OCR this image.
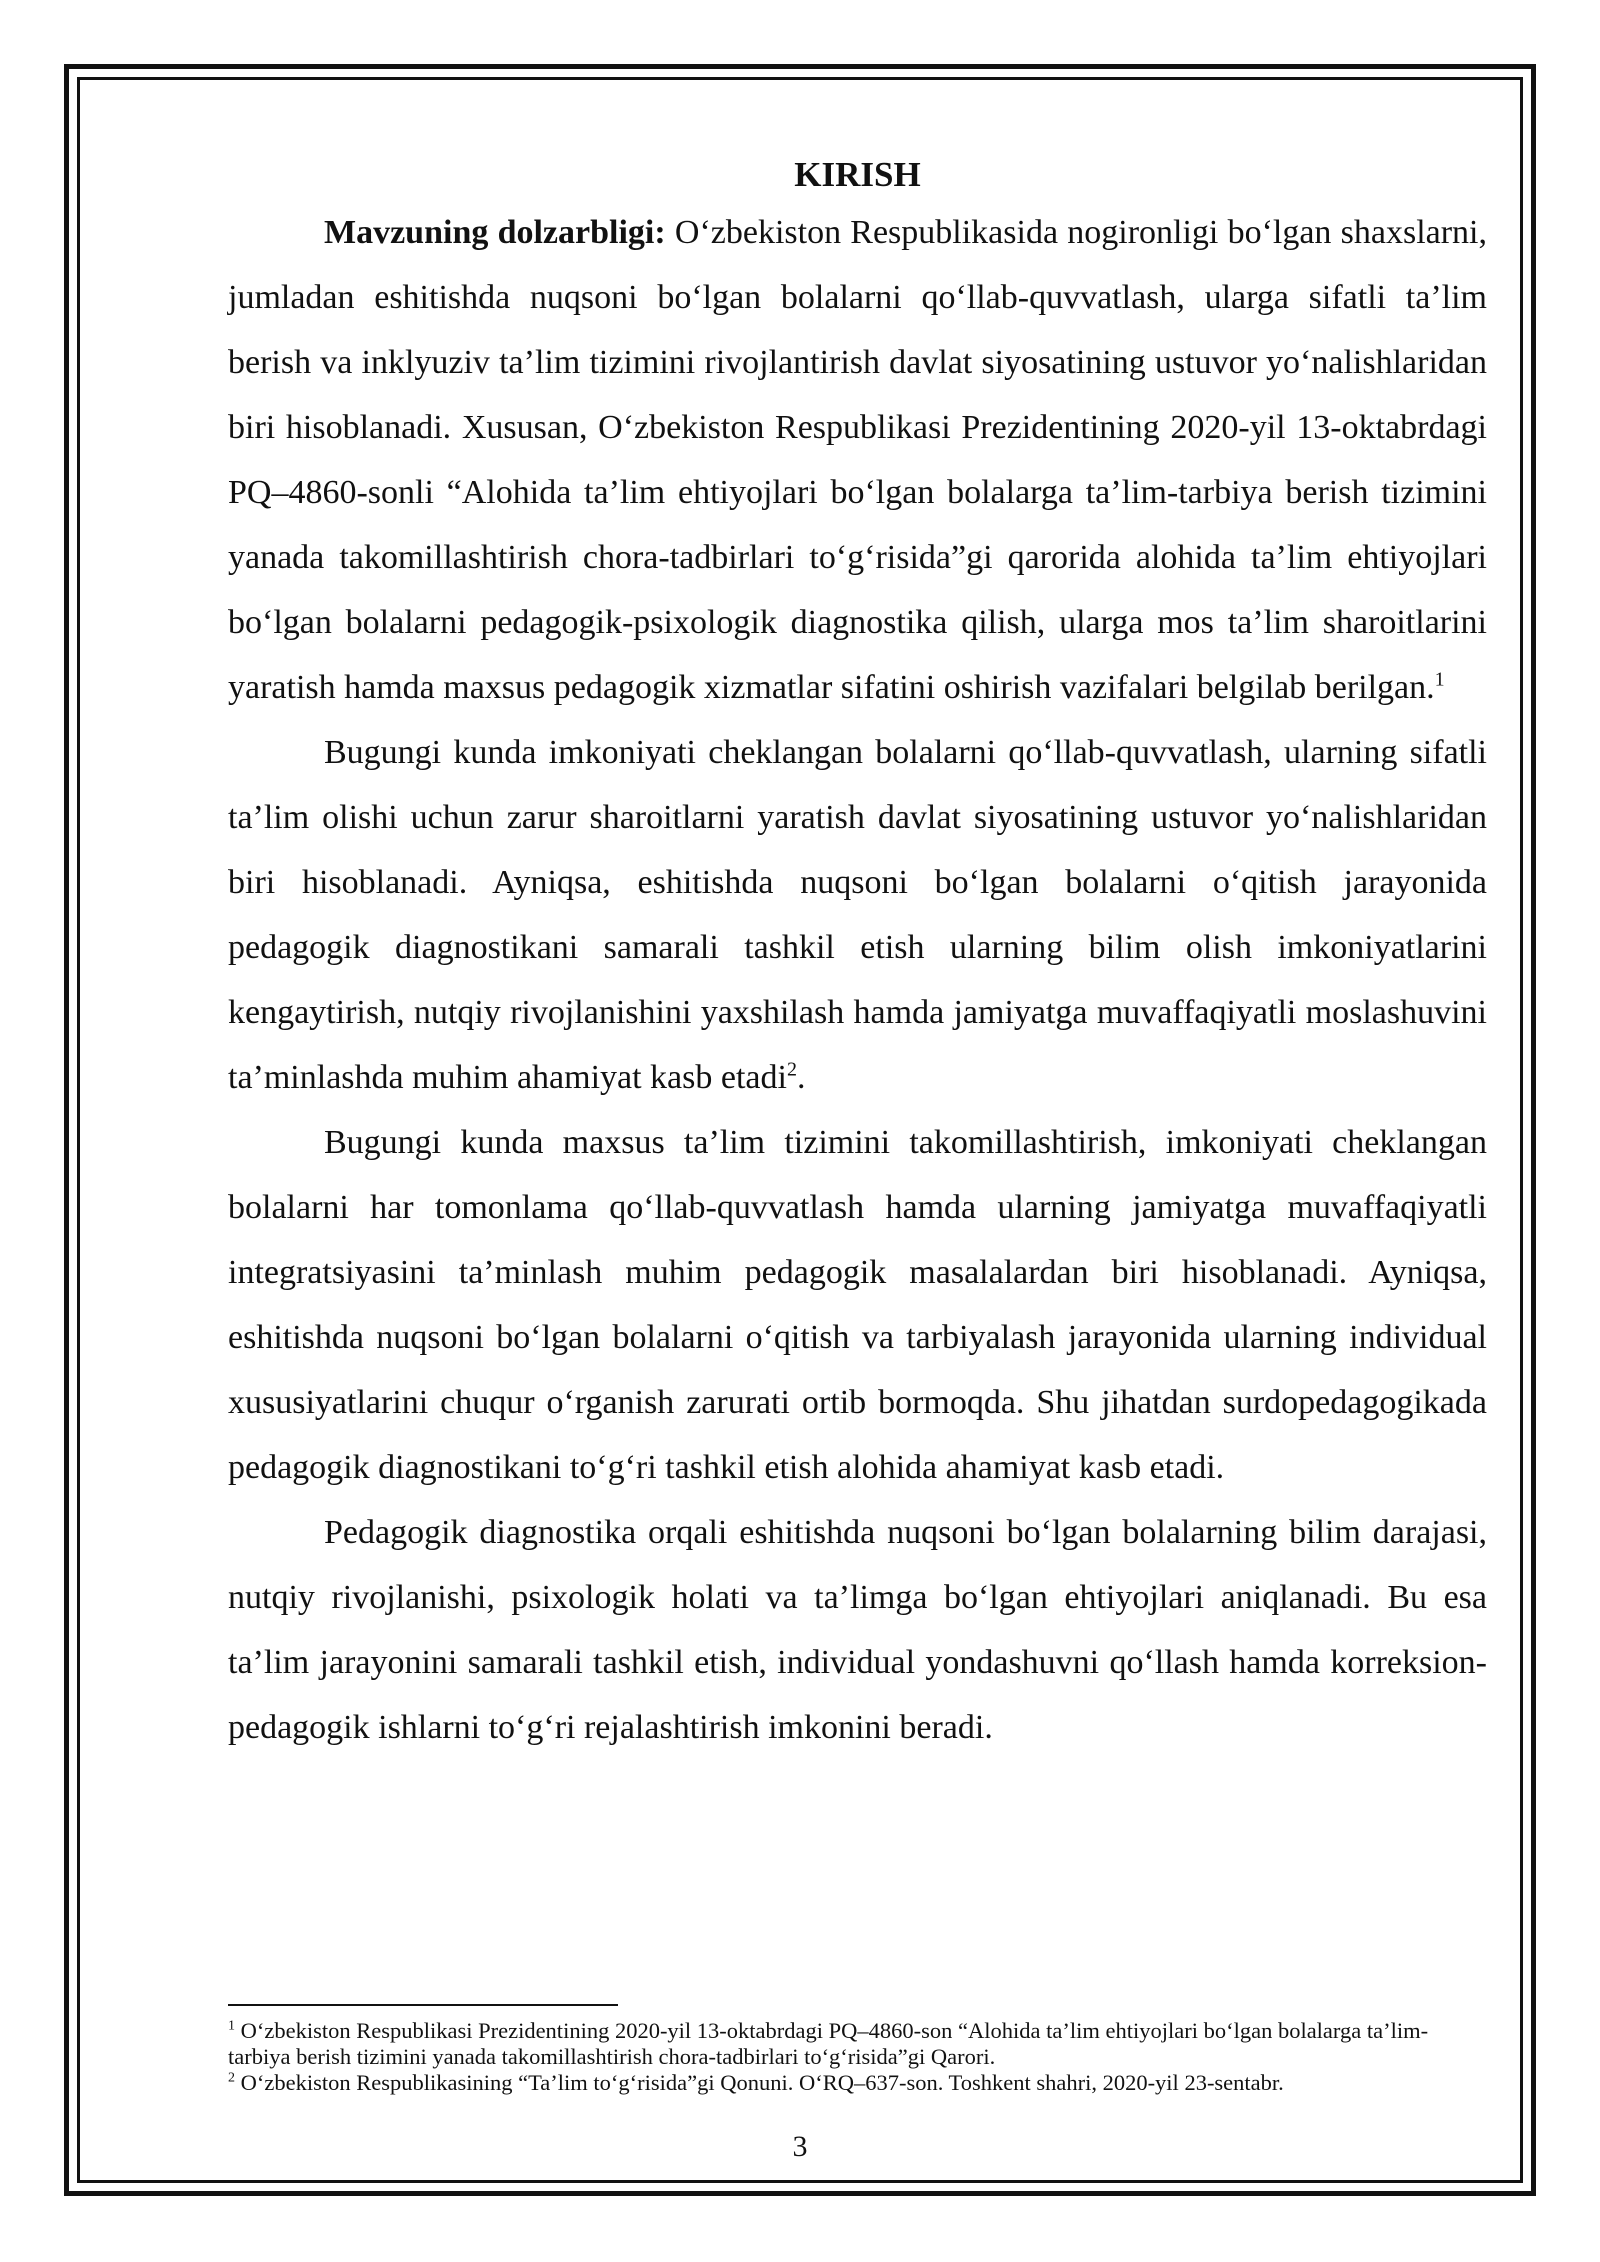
KIRISH

Mavzuning dolzarbligi: O‘zbekiston Respublikasida nogironligi bo‘lgan shaxslarni, jumladan eshitishda nuqsoni bo‘lgan bolalarni qo‘llab-quvvatlash, ularga sifatli ta’lim berish va inklyuziv ta’lim tizimini rivojlantirish davlat siyosatining ustuvor yo‘nalishlaridan biri hisoblanadi. Xususan, O‘zbekiston Respublikasi Prezidentining 2020-yil 13-oktabrdagi PQ–4860-sonli “Alohida ta’lim ehtiyojlari bo‘lgan bolalarga ta’lim-tarbiya berish tizimini yanada takomillashtirish chora-tadbirlari to‘g‘risida”gi qarorida alohida ta’lim ehtiyojlari bo‘lgan bolalarni pedagogik-psixologik diagnostika qilish, ularga mos ta’lim sharoitlarini yaratish hamda maxsus pedagogik xizmatlar sifatini oshirish vazifalari belgilab berilgan.$^1$

Bugungi kunda imkoniyati cheklangan bolalarni qo‘llab-quvvatlash, ularning sifatli ta’lim olishi uchun zarur sharoitlarni yaratish davlat siyosatining ustuvor yo‘nalishlaridan biri hisoblanadi. Ayniqsa, eshitishda nuqsoni bo‘lgan bolalarni o‘qitish jarayonida pedagogik diagnostikani samarali tashkil etish ularning bilim olish imkoniyatlarini kengaytirish, nutqiy rivojlanishini yaxshilash hamda jamiyatga muvaffaqiyatli moslashuvini ta’minlashda muhim ahamiyat kasb etadi$^2$.

Bugungi kunda maxsus ta’lim tizimini takomillashtirish, imkoniyati cheklangan bolalarni har tomonlama qo‘llab-quvvatlash hamda ularning jamiyatga muvaffaqiyatli integratsiyasini ta’minlash muhim pedagogik masalalardan biri hisoblanadi. Ayniqsa, eshitishda nuqsoni bo‘lgan bolalarni o‘qitish va tarbiyalash jarayonida ularning individual xususiyatlarini chuqur o‘rganish zarurati ortib bormoqda. Shu jihatdan surdopedagogikada pedagogik diagnostikani to‘g‘ri tashkil etish alohida ahamiyat kasb etadi.

Pedagogik diagnostika orqali eshitishda nuqsoni bo‘lgan bolalarning bilim darajasi, nutqiy rivojlanishi, psixologik holati va ta’limga bo‘lgan ehtiyojlari aniqlanadi. Bu esa ta’lim jarayonini samarali tashkil etish, individual yondashuvni qo‘llash hamda korreksion-pedagogik ishlarni to‘g‘ri rejalashtirish imkonini beradi.

$^1$ O‘zbekiston Respublikasi Prezidentining 2020-yil 13-oktabrdagi PQ–4860-son “Alohida ta’lim ehtiyojlari bo‘lgan bolalarga ta’lim-tarbiya berish tizimini yanada takomillashtirish chora-tadbirlari to‘g‘risida”gi Qarori.

$^2$ O‘zbekiston Respublikasining “Ta’lim to‘g‘risida”gi Qonuni. O‘RQ–637-son. Toshkent shahri, 2020-yil 23-sentabr.

3
